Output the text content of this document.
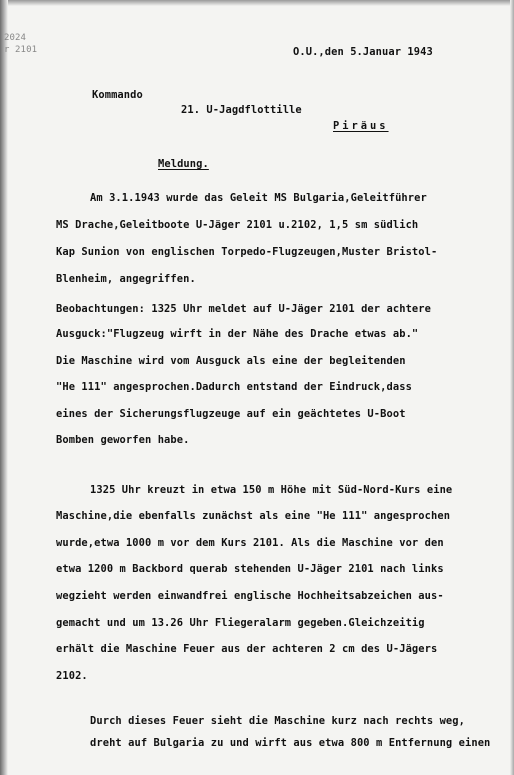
2024
r 2101	O.U.,den 5.Januar 1943
Kommando
21. U-Jagdflottille
Piräus
Meldung.
Am 3.1.1943 wurde das Geleit MS Bulgaria,Geleitführer
MS Drache,Geleitboote U-Jäger 2101 u.2102, 1,5 sm südlich
Kap Sunion von englischen Torpedo-Flugzeugen,Muster Bristol-
Blenheim, angegriffen.
Beobachtungen: 1325 Uhr meldet auf U-Jäger 2101 der achtere
Ausguck:"Flugzeug wirft in der Nähe des Drache etwas ab."
Die Maschine wird vom Ausguck als eine der begleitenden
"He 111" angesprochen.Dadurch entstand der Eindruck,dass
eines der Sicherungsflugzeuge auf ein geächtetes U-Boot
Bomben geworfen habe.
1325 Uhr kreuzt in etwa 150 m Höhe mit Süd-Nord-Kurs eine
Maschine,die ebenfalls zunächst als eine "He 111" angesprochen
wurde,etwa 1000 m vor dem Kurs 2101. Als die Maschine vor den
etwa 1200 m Backbord querab stehenden U-Jäger 2101 nach links
wegzieht werden einwandfrei englische Hochheitsabzeichen aus-
gemacht und um 13.26 Uhr Fliegeralarm gegeben.Gleichzeitig
erhält die Maschine Feuer aus der achteren 2 cm des U-Jägers
2102.
Durch dieses Feuer sieht die Maschine kurz nach rechts weg,
dreht auf Bulgaria zu und wirft aus etwa 800 m Entfernung einen
